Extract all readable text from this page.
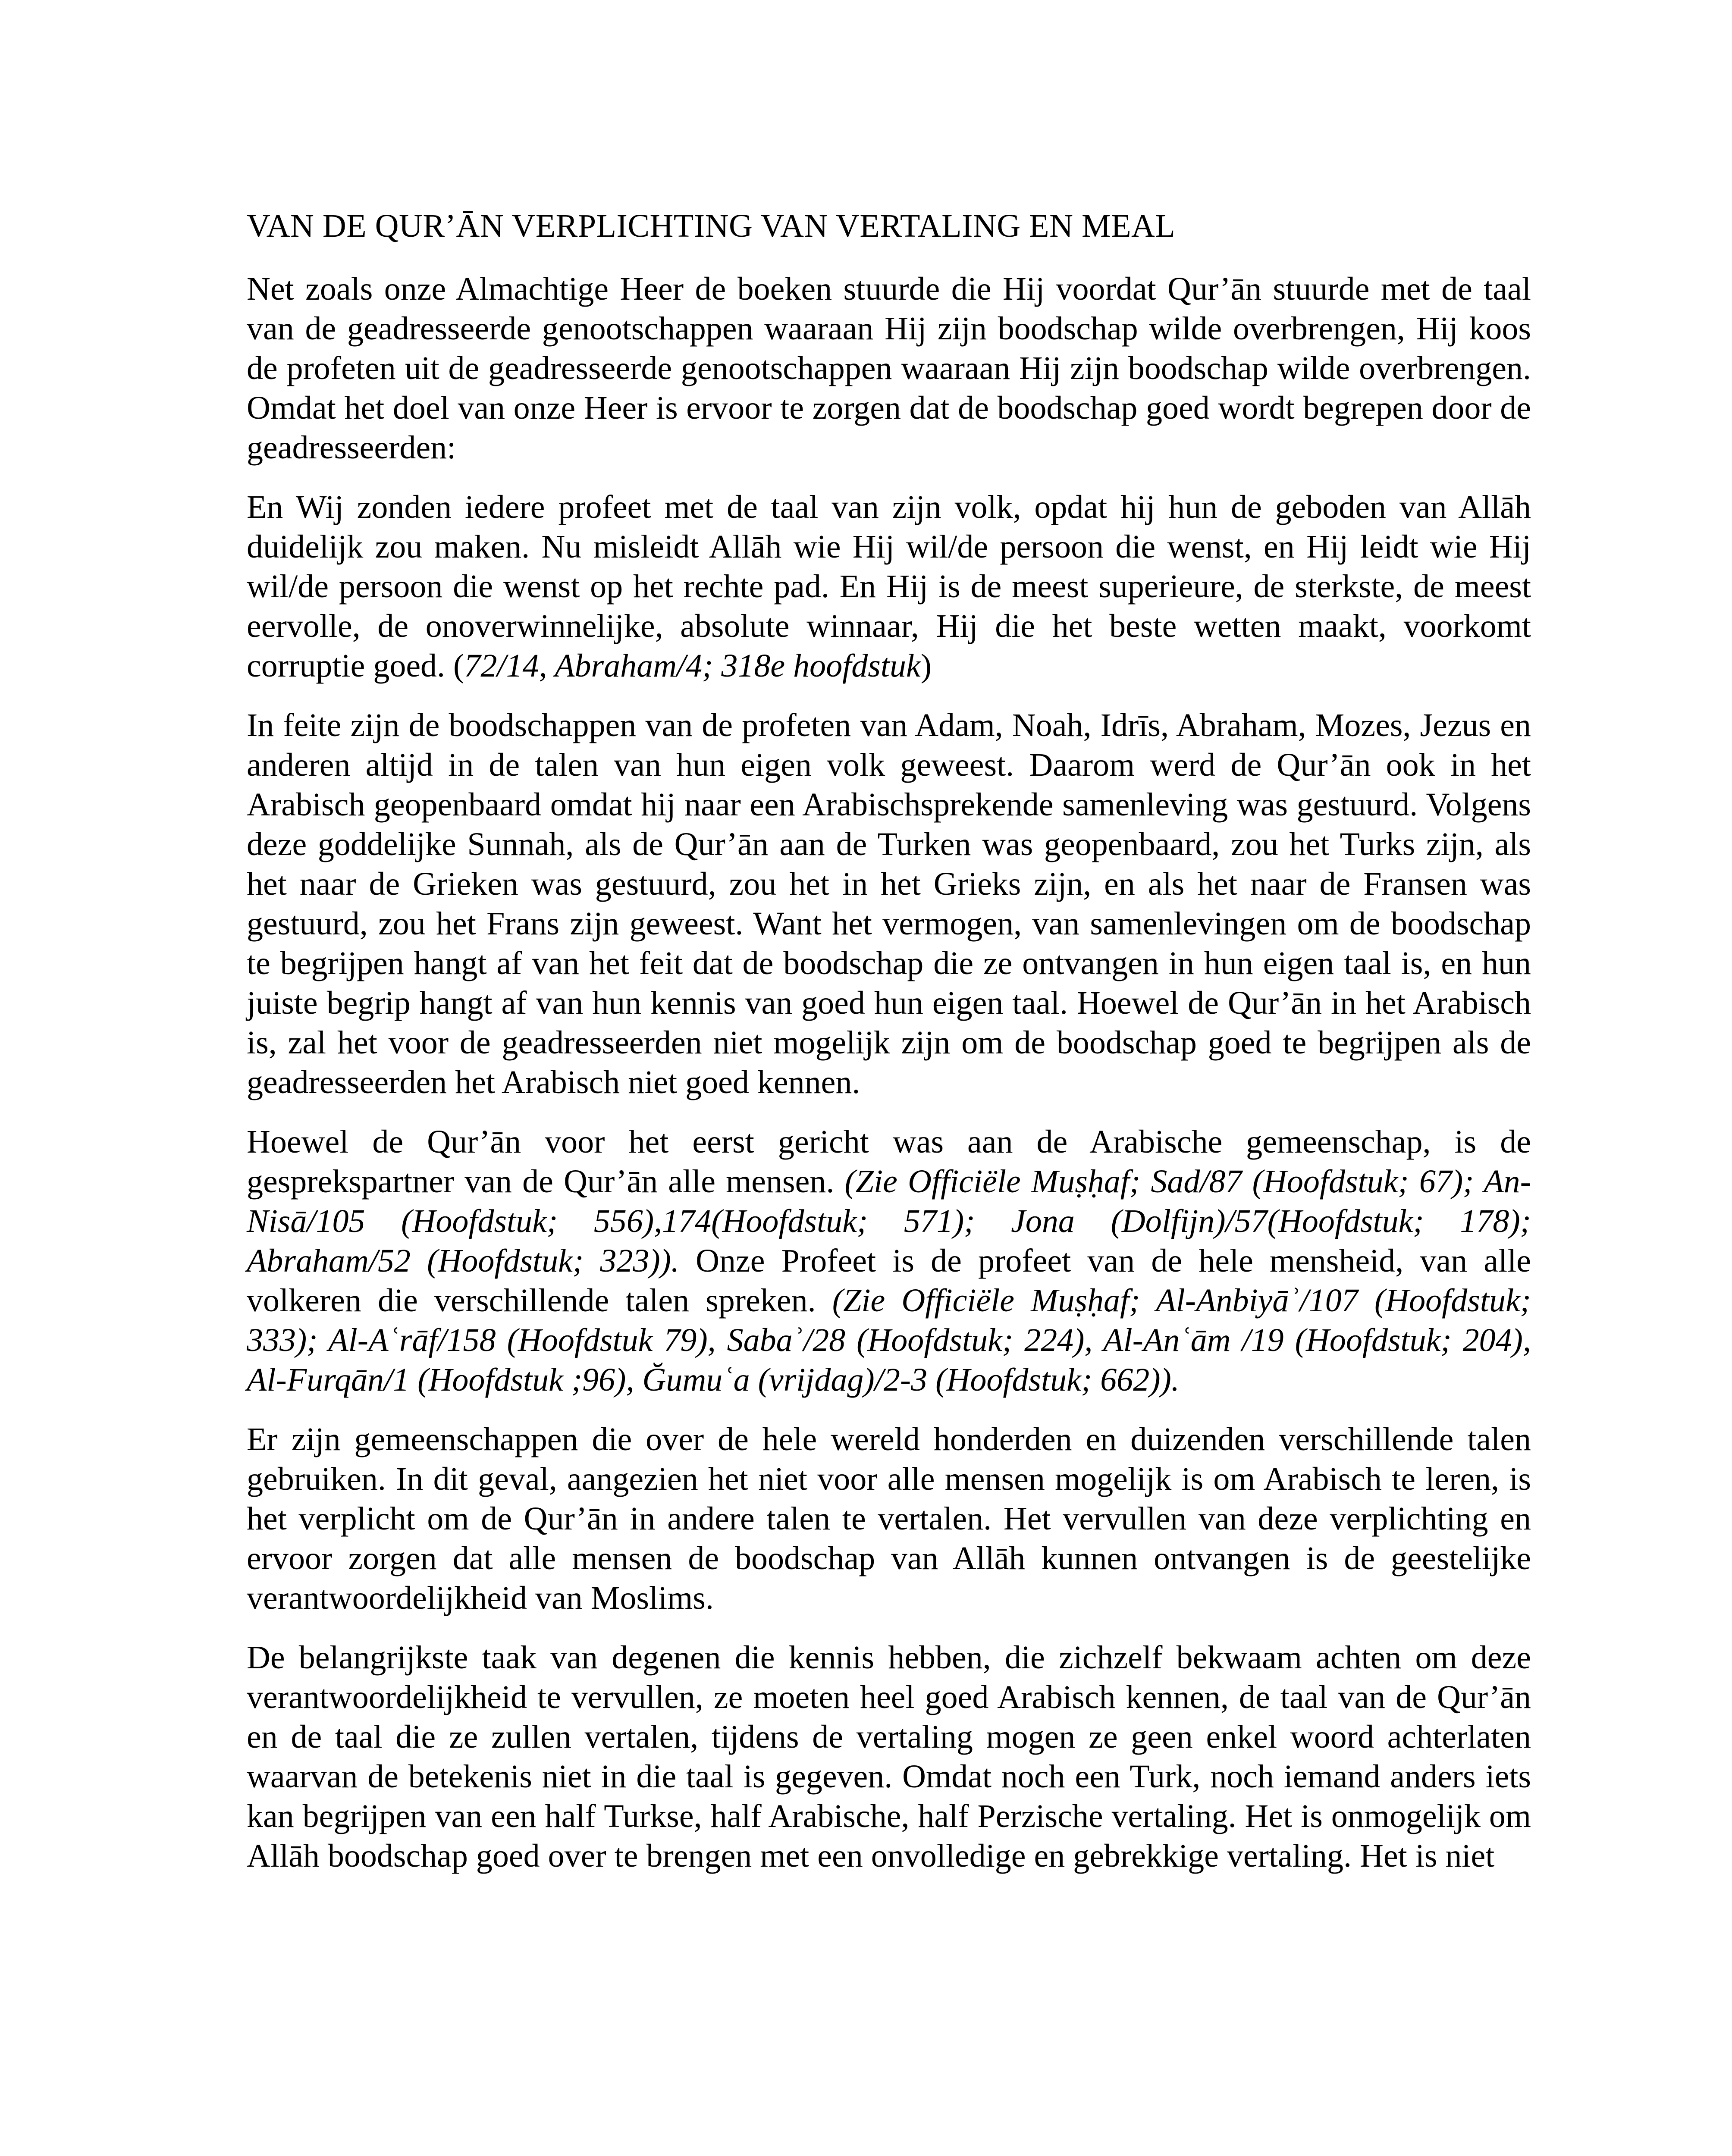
VAN DE QUR’ĀN VERPLICHTING VAN VERTALING EN MEAL

Net zoals onze Almachtige Heer de boeken stuurde die Hij voordat Qur’ān stuurde met de taal van de geadresseerde genootschappen waaraan Hij zijn boodschap wilde overbrengen, Hij koos de profeten uit de geadresseerde genootschappen waaraan Hij zijn boodschap wilde overbrengen. Omdat het doel van onze Heer is ervoor te zorgen dat de boodschap goed wordt begrepen door de geadresseerden:

En Wij zonden iedere profeet met de taal van zijn volk, opdat hij hun de geboden van Allāh duidelijk zou maken. Nu misleidt Allāh wie Hij wil/de persoon die wenst, en Hij leidt wie Hij wil/de persoon die wenst op het rechte pad. En Hij is de meest superieure, de sterkste, de meest eervolle, de onoverwinnelijke, absolute winnaar, Hij die het beste wetten maakt, voorkomt corruptie goed. (72/14, Abraham/4; 318e hoofdstuk)

In feite zijn de boodschappen van de profeten van Adam, Noah, Idrīs, Abraham, Mozes, Jezus en anderen altijd in de talen van hun eigen volk geweest. Daarom werd de Qur’ān ook in het Arabisch geopenbaard omdat hij naar een Arabischsprekende samenleving was gestuurd. Volgens deze goddelijke Sunnah, als de Qur’ān aan de Turken was geopenbaard, zou het Turks zijn, als het naar de Grieken was gestuurd, zou het in het Grieks zijn, en als het naar de Fransen was gestuurd, zou het Frans zijn geweest. Want het vermogen, van samenlevingen om de boodschap te begrijpen hangt af van het feit dat de boodschap die ze ontvangen in hun eigen taal is, en hun juiste begrip hangt af van hun kennis van goed hun eigen taal. Hoewel de Qur’ān in het Arabisch is, zal het voor de geadresseerden niet mogelijk zijn om de boodschap goed te begrijpen als de geadresseerden het Arabisch niet goed kennen.

Hoewel de Qur’ān voor het eerst gericht was aan de Arabische gemeenschap, is de gesprekspartner van de Qur’ān alle mensen. (Zie Officiële Muṣḥaf; Sad/87 (Hoofdstuk; 67); An-Nisā/105 (Hoofdstuk; 556),174(Hoofdstuk; 571); Jona (Dolfijn)/57(Hoofdstuk; 178); Abraham/52 (Hoofdstuk; 323)). Onze Profeet is de profeet van de hele mensheid, van alle volkeren die verschillende talen spreken. (Zie Officiële Muṣḥaf; Al-Anbiyāʾ/107 (Hoofdstuk; 333); Al-Aʿrāf/158 (Hoofdstuk 79), Sabaʾ/28 (Hoofdstuk; 224), Al-Anʿām /19 (Hoofdstuk; 204), Al-Furqān/1 (Hoofdstuk ;96), Ğumuʿa (vrijdag)/2-3 (Hoofdstuk; 662)).

Er zijn gemeenschappen die over de hele wereld honderden en duizenden verschillende talen gebruiken. In dit geval, aangezien het niet voor alle mensen mogelijk is om Arabisch te leren, is het verplicht om de Qur’ān in andere talen te vertalen. Het vervullen van deze verplichting en ervoor zorgen dat alle mensen de boodschap van Allāh kunnen ontvangen is de geestelijke verantwoordelijkheid van Moslims.

De belangrijkste taak van degenen die kennis hebben, die zichzelf bekwaam achten om deze verantwoordelijkheid te vervullen, ze moeten heel goed Arabisch kennen, de taal van de Qur’ān en de taal die ze zullen vertalen, tijdens de vertaling mogen ze geen enkel woord achterlaten waarvan de betekenis niet in die taal is gegeven. Omdat noch een Turk, noch iemand anders iets kan begrijpen van een half Turkse, half Arabische, half Perzische vertaling. Het is onmogelijk om Allāh boodschap goed over te brengen met een onvolledige en gebrekkige vertaling. Het is niet
